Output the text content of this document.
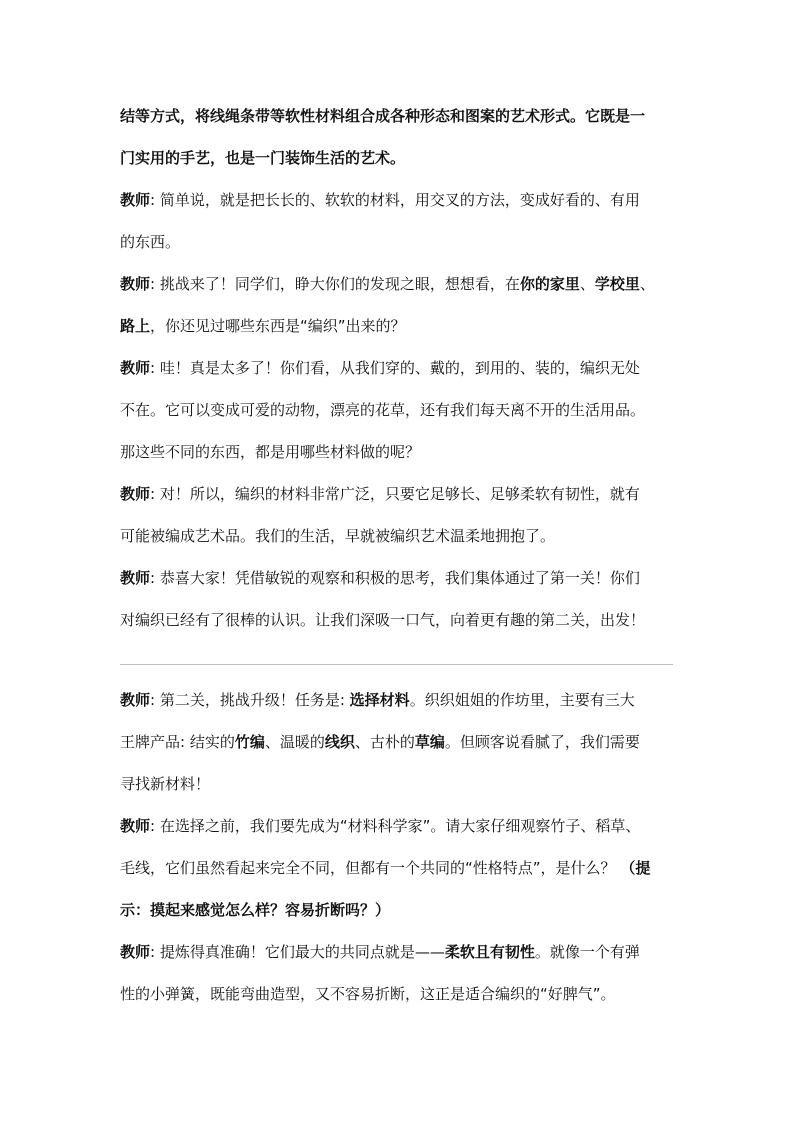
结等方式，将线绳条带等软性材料组合成各种形态和图案的艺术形式。它既是一
门实用的手艺，也是一门装饰生活的艺术。
教师: 简单说，就是把长长的、软软的材料，用交叉的方法，变成好看的、有用
的东西。
教师: 挑战来了！同学们，睁大你们的发现之眼，想想看，在你的家里、学校里、
路上，你还见过哪些东西是“编织”出来的？
教师: 哇！真是太多了！你们看，从我们穿的、戴的，到用的、装的，编织无处
不在。它可以变成可爱的动物，漂亮的花草，还有我们每天离不开的生活用品。
那这些不同的东西，都是用哪些材料做的呢？
教师: 对！所以，编织的材料非常广泛，只要它足够长、足够柔软有韧性，就有
可能被编成艺术品。我们的生活，早就被编织艺术温柔地拥抱了。
教师: 恭喜大家！凭借敏锐的观察和积极的思考，我们集体通过了第一关！你们
对编织已经有了很棒的认识。让我们深吸一口气，向着更有趣的第二关，出发！
教师: 第二关，挑战升级！任务是: 选择材料。织织姐姐的作坊里，主要有三大
王牌产品: 结实的竹编、温暖的线织、古朴的草编。但顾客说看腻了，我们需要
寻找新材料！
教师: 在选择之前，我们要先成为“材料科学家”。请大家仔细观察竹子、稻草、
毛线，它们虽然看起来完全不同，但都有一个共同的“性格特点”，是什么？ （提
示：摸起来感觉怎么样？容易折断吗？）
教师: 提炼得真准确！它们最大的共同点就是——柔软且有韧性。就像一个有弹
性的小弹簧，既能弯曲造型，又不容易折断，这正是适合编织的“好脾气”。
